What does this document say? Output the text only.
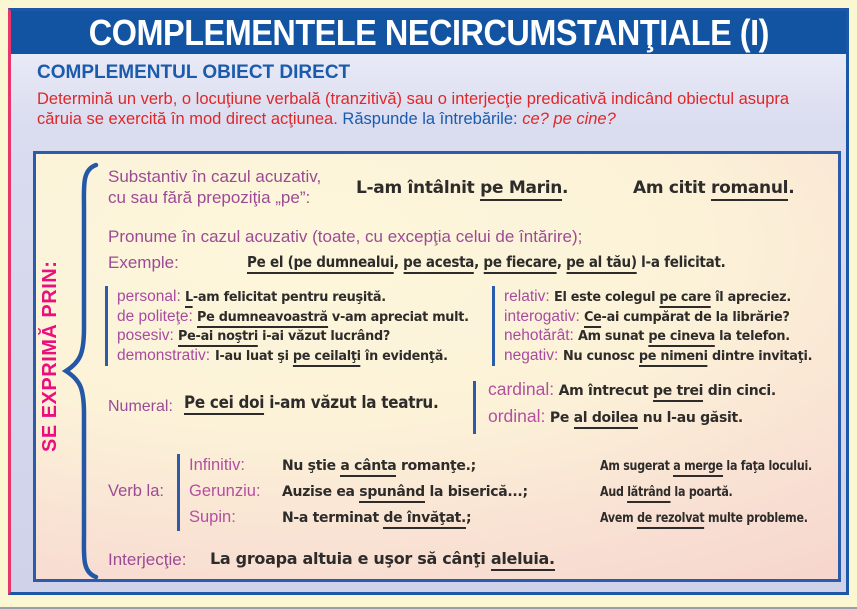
COMPLEMENTELE NECIRCUMSTANŢIALE (I)
COMPLEMENTUL OBIECT DIRECT

Determină un verb, o locuţiune verbală (tranzitivă) sau o interjecţie predicativă indicând obiectul asupra căruia se exercită în mod direct acţiunea. Răspunde la întrebările: ce? pe cine?

SE EXPRIMĂ PRIN:
Substantiv în cazul acuzativ,
cu sau fără prepoziţia „pe”:	L-am întâlnit pe Marin.	Am citit romanul.
Pronume în cazul acuzativ (toate, cu excepţia celui de întărire);
Exemple:	Pe el (pe dumnealui, pe acesta, pe fiecare, pe al tău) l-a felicitat.
personal: L-am felicitat pentru reuşită.
de politeţe: Pe dumneavoastră v-am apreciat mult.
posesiv: Pe-ai noştri i-ai văzut lucrând?
demonstrativ: I-au luat şi pe ceilalţi în evidenţă.
relativ: El este colegul pe care îl apreciez.
interogativ: Ce-ai cumpărat de la librărie?
nehotărât: Am sunat pe cineva la telefon.
negativ: Nu cunosc pe nimeni dintre invitaţi.
Numeral: Pe cei doi i-am văzut la teatru.
cardinal: Am întrecut pe trei din cinci.
ordinal: Pe al doilea nu l-au găsit.
Verb la:
Infinitiv:	Nu ştie a cânta romanţe.;	Am sugerat a merge la faţa locului.
Gerunziu:	Auzise ea spunând la biserică...;	Aud lătrând la poartă.
Supin:	N-a terminat de învăţat.;	Avem de rezolvat multe probleme.
Interjecţie: La groapa altuia e uşor să cânţi aleluia.
